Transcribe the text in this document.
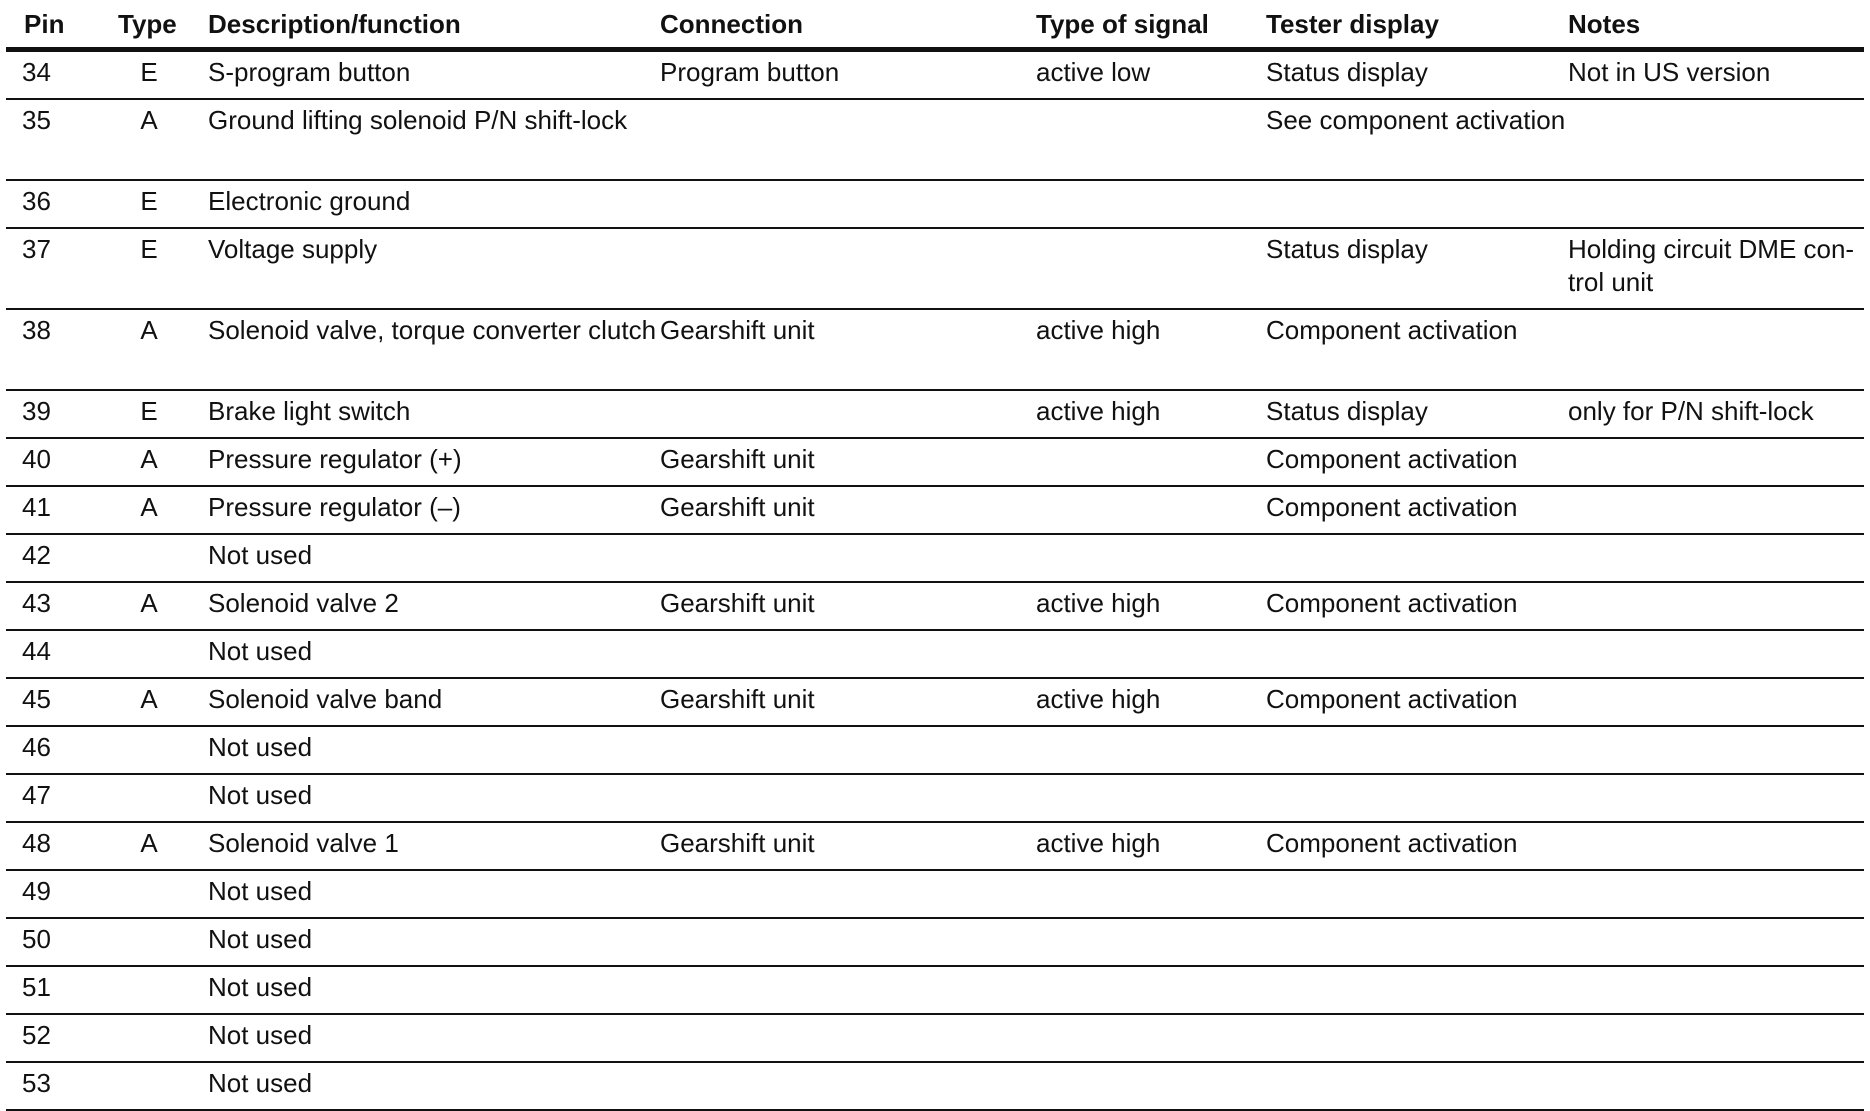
Pin	Type	Description/function	Connection	Type of signal	Tester display	Notes
34	E	S-program button	Program button	active low	Status display	Not in US version
35	A	Ground lifting solenoid P/N shift-lock			See component activation	
36	E	Electronic ground				
37	E	Voltage supply			Status display	Holding circuit DME con-trol unit
38	A	Solenoid valve, torque converter clutch	Gearshift unit	active high	Component activation	
39	E	Brake light switch		active high	Status display	only for P/N shift-lock
40	A	Pressure regulator (+)	Gearshift unit		Component activation	
41	A	Pressure regulator (–)	Gearshift unit		Component activation	
42		Not used				
43	A	Solenoid valve 2	Gearshift unit	active high	Component activation	
44		Not used				
45	A	Solenoid valve band	Gearshift unit	active high	Component activation	
46		Not used				
47		Not used				
48	A	Solenoid valve 1	Gearshift unit	active high	Component activation	
49		Not used				
50		Not used				
51		Not used				
52		Not used				
53		Not used				
